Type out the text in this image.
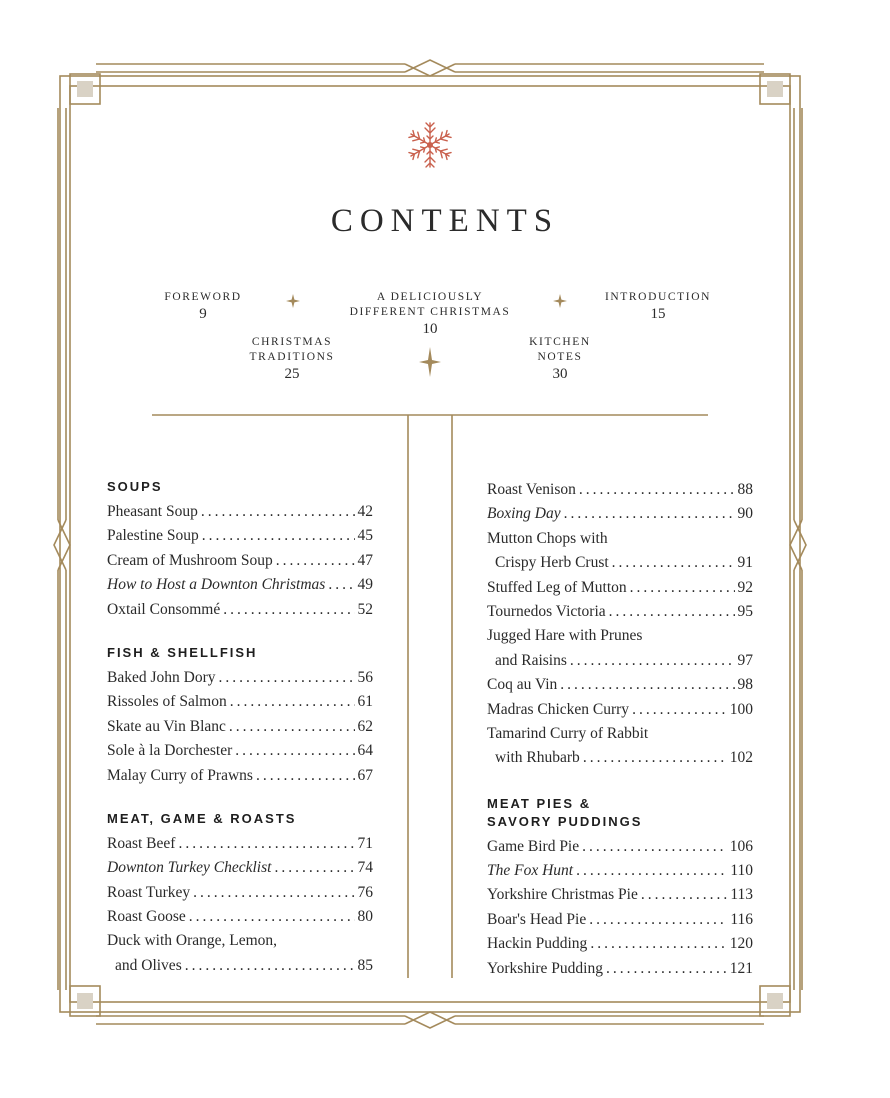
CONTENTS
FOREWORD
9
A DELICIOUSLY
DIFFERENT CHRISTMAS
10
INTRODUCTION
15
CHRISTMAS
TRADITIONS
25
KITCHEN
NOTES
30
SOUPS
Pheasant Soup .....	42
Palestine Soup .....	45
Cream of Mushroom Soup .....	47
How to Host a Downton Christmas ..... 49
Oxtail Consommé .....	52
FISH & SHELLFISH
Baked John Dory .....	56
Rissoles of Salmon .....	61
Skate au Vin Blanc .....	62
Sole à la Dorchester .....	64
Malay Curry of Prawns .....	67
MEAT, GAME & ROASTS
Roast Beef .....	71
Downton Turkey Checklist .....	74
Roast Turkey .....	76
Roast Goose .....	80
Duck with Orange, Lemon,
and Olives .....	85
Roast Venison .....	88
Boxing Day .....	90
Mutton Chops with
Crispy Herb Crust .....	91
Stuffed Leg of Mutton .....	92
Tournedos Victoria .....	95
Jugged Hare with Prunes
and Raisins .....	97
Coq au Vin .....	98
Madras Chicken Curry .....	100
Tamarind Curry of Rabbit
with Rhubarb .....	102
MEAT PIES &
SAVORY PUDDINGS
Game Bird Pie .....	106
The Fox Hunt .....	110
Yorkshire Christmas Pie .....	113
Boar's Head Pie .....	116
Hackin Pudding .....	120
Yorkshire Pudding .....	121
